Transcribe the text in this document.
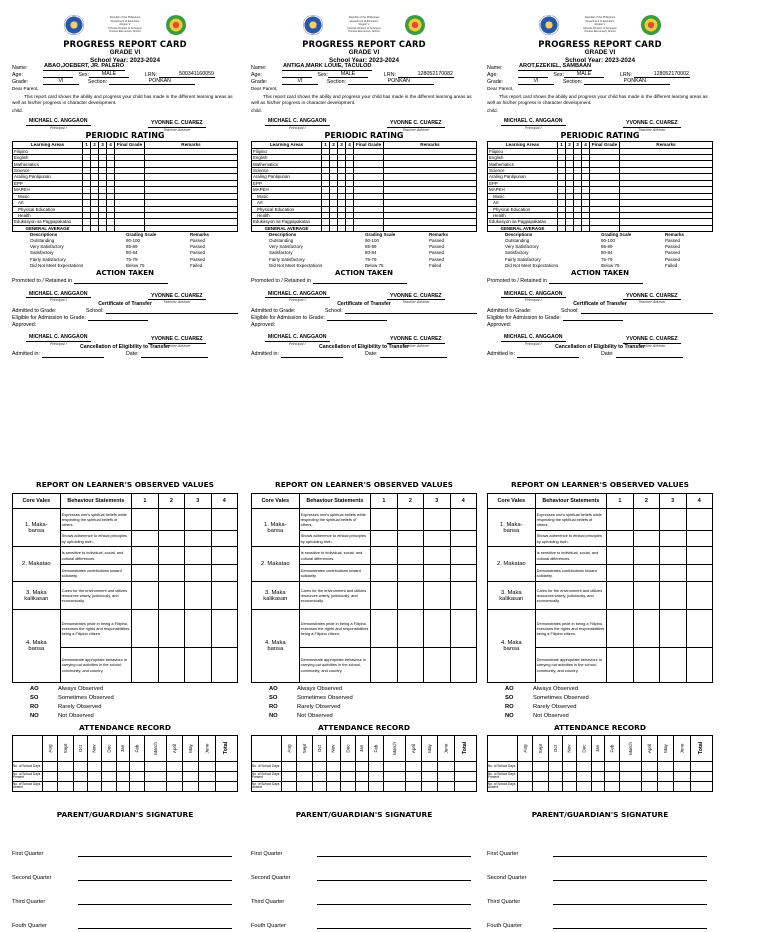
Republic of the Philippines
Department of Education
Region V
Schools Division of Sorsogon
Ponkan Elementary School
PROGRESS REPORT CARD
GRADE VI
School Year: 2023-2024
Name:	ABAO,JOEBERT, JR. PALERO
Age:	Sex:	MALE	LRN:	500341160059
Grade:	VI	Section:	PONKAN
Dear Parent,
This report card shows the ability and progress your child has made in the different learning areas as well as his/her progress in character development.
child.
MICHAEL C. ANGGAON
Principal I
YVONNE C. CUAREZ
Teacher Adviser
PERIODIC RATING
Learning Areas	1	2	3	4	Final Grade	Remarks
Filipino						
English						
Mathematics						
Science						
Araling Panlipunan						
EPP						
MAPEH						
Music						
Art						
Physical Education						
Health						
Edukasyon sa Pagpapakatao						
GENERAL AVERAGE						
Descriptions	Grading Scale	Remarks
Outstanding	90-100	Passed
Very Satisfactory	85-89	Passed
Satisfactory	80-84	Passed
Fairly Satisfactory	75-79	Passed
Did Not Meet Expectations	Below 75	Failed
ACTION TAKEN
Promoted to / Retained in
MICHAEL C. ANGGAON
Principal I
YVONNE C. CUAREZ
Teacher Adviser
Certificate of Transfer
Admitted to Grade:	School:
Eligible for Admission to Grade:
Approved:
MICHAEL C. ANGGAON
Principal I
YVONNE C. CUAREZ
Teacher Adviser
Cancellation of Eligibility to Transfer
Admitted in:	Date:
REPORT ON LEARNER'S OBSERVED VALUES
Core Vales	Behaviour Statements	1	2	3	4
1. Maka-
bansa	Expresses one's spiritual beliefs while respecting the spiritual beliefs of others.				
	Shows adherence to ethical principles by upholding truth.				
2. Makatao	Is sensitive to individual, social, and cultural differences.				
	Demonstrates contributions toward solidarity.				
3. Maka
kalikasan	Cares for the environment and utilizes resources wisely, judiciously, and economically.				
4. Maka
bansa	Demonstrates pride in being a Filipino, exercises the rights and responsibilities being a Filipino citizen.				
	Demonstrate appropriate behaviour in carrying out activities in the school, community, and country.				
AO	Always Observed
SO	Sometimes Observed
RO	Rarely Observed
NO	Not Observed
ATTENDANCE RECORD
	Aug	Sept	Oct	Nov	Dec	Jan	Feb	March	April	May	June	Total
No. of School Days												
No. of School Days Present												
No. of School Days Absent												
PARENT/GUARDIAN'S SIGNATURE
First Quarter
Second Quarter
Third Quarter
Fouth Quarter
Republic of the Philippines
Department of Education
Region V
Schools Division of Sorsogon
Ponkan Elementary School
PROGRESS REPORT CARD
GRADE VI
School Year: 2023-2024
Name:	ANTIGA,MARK LOUIE, TACULOD
Age:	Sex:	MALE	LRN:	128052170082
Grade:	VI	Section:	PONKAN
Dear Parent,
This report card shows the ability and progress your child has made in the different learning areas as well as his/her progress in character development.
child.
MICHAEL C. ANGGAON
Principal I
YVONNE C. CUAREZ
Teacher Adviser
PERIODIC RATING
Learning Areas	1	2	3	4	Final Grade	Remarks
Filipino						
English						
Mathematics						
Science						
Araling Panlipunan						
EPP						
MAPEH						
Music						
Art						
Physical Education						
Health						
Edukasyon sa Pagpapakatao						
GENERAL AVERAGE						
Descriptions	Grading Scale	Remarks
Outstanding	90-100	Passed
Very Satisfactory	85-89	Passed
Satisfactory	80-84	Passed
Fairly Satisfactory	75-79	Passed
Did Not Meet Expectations	Below 75	Failed
ACTION TAKEN
Promoted to / Retained in
MICHAEL C. ANGGAON
Principal I
YVONNE C. CUAREZ
Teacher Adviser
Certificate of Transfer
Admitted to Grade:	School:
Eligible for Admission to Grade:
Approved:
MICHAEL C. ANGGAON
Principal I
YVONNE C. CUAREZ
Teacher Adviser
Cancellation of Eligibility to Transfer
Admitted in:	Date:
REPORT ON LEARNER'S OBSERVED VALUES
Core Vales	Behaviour Statements	1	2	3	4
1. Maka-
bansa	Expresses one's spiritual beliefs while respecting the spiritual beliefs of others.				
	Shows adherence to ethical principles by upholding truth.				
2. Makatao	Is sensitive to individual, social, and cultural differences.				
	Demonstrates contributions toward solidarity.				
3. Maka
kalikasan	Cares for the environment and utilizes resources wisely, judiciously, and economically.				
4. Maka
bansa	Demonstrates pride in being a Filipino, exercises the rights and responsibilities being a Filipino citizen.				
	Demonstrate appropriate behaviour in carrying out activities in the school, community, and country.				
AO	Always Observed
SO	Sometimes Observed
RO	Rarely Observed
NO	Not Observed
ATTENDANCE RECORD
	Aug	Sept	Oct	Nov	Dec	Jan	Feb	March	April	May	June	Total
No. of School Days												
No. of School Days Present												
No. of School Days Absent												
PARENT/GUARDIAN'S SIGNATURE
First Quarter
Second Quarter
Third Quarter
Fouth Quarter
Republic of the Philippines
Department of Education
Region V
Schools Division of Sorsogon
Ponkan Elementary School
PROGRESS REPORT CARD
GRADE VI
School Year: 2023-2024
Name:	AROT,EZEKIEL, SAMBAAN
Age:	Sex:	MALE	LRN:	128052170002
Grade:	VI	Section:	PONKAN
Dear Parent,
This report card shows the ability and progress your child has made in the different learning areas as well as his/her progress in character development.
child.
MICHAEL C. ANGGAON
Principal I
YVONNE C. CUAREZ
Teacher Adviser
PERIODIC RATING
Learning Areas	1	2	3	4	Final Grade	Remarks
Filipino						
English						
Mathematics						
Science						
Araling Panlipunan						
EPP						
MAPEH						
Music						
Art						
Physical Education						
Health						
Edukasyon sa Pagpapakatao						
GENERAL AVERAGE						
Descriptions	Grading Scale	Remarks
Outstanding	90-100	Passed
Very Satisfactory	85-89	Passed
Satisfactory	80-84	Passed
Fairly Satisfactory	75-79	Passed
Did Not Meet Expectations	Below 75	Failed
ACTION TAKEN
Promoted to / Retained in
MICHAEL C. ANGGAON
Principal I
YVONNE C. CUAREZ
Teacher Adviser
Certificate of Transfer
Admitted to Grade:	School:
Eligible for Admission to Grade:
Approved:
MICHAEL C. ANGGAON
Principal I
YVONNE C. CUAREZ
Teacher Adviser
Cancellation of Eligibility to Transfer
Admitted in:	Date:
REPORT ON LEARNER'S OBSERVED VALUES
Core Vales	Behaviour Statements	1	2	3	4
1. Maka-
bansa	Expresses one's spiritual beliefs while respecting the spiritual beliefs of others.				
	Shows adherence to ethical principles by upholding truth.				
2. Makatao	Is sensitive to individual, social, and cultural differences.				
	Demonstrates contributions toward solidarity.				
3. Maka
kalikasan	Cares for the environment and utilizes resources wisely, judiciously, and economically.				
4. Maka
bansa	Demonstrates pride in being a Filipino, exercises the rights and responsibilities being a Filipino citizen.				
	Demonstrate appropriate behaviour in carrying out activities in the school, community, and country.				
AO	Always Observed
SO	Sometimes Observed
RO	Rarely Observed
NO	Not Observed
ATTENDANCE RECORD
	Aug	Sept	Oct	Nov	Dec	Jan	Feb	March	April	May	June	Total
No. of School Days												
No. of School Days Present												
No. of School Days Absent												
PARENT/GUARDIAN'S SIGNATURE
First Quarter
Second Quarter
Third Quarter
Fouth Quarter
